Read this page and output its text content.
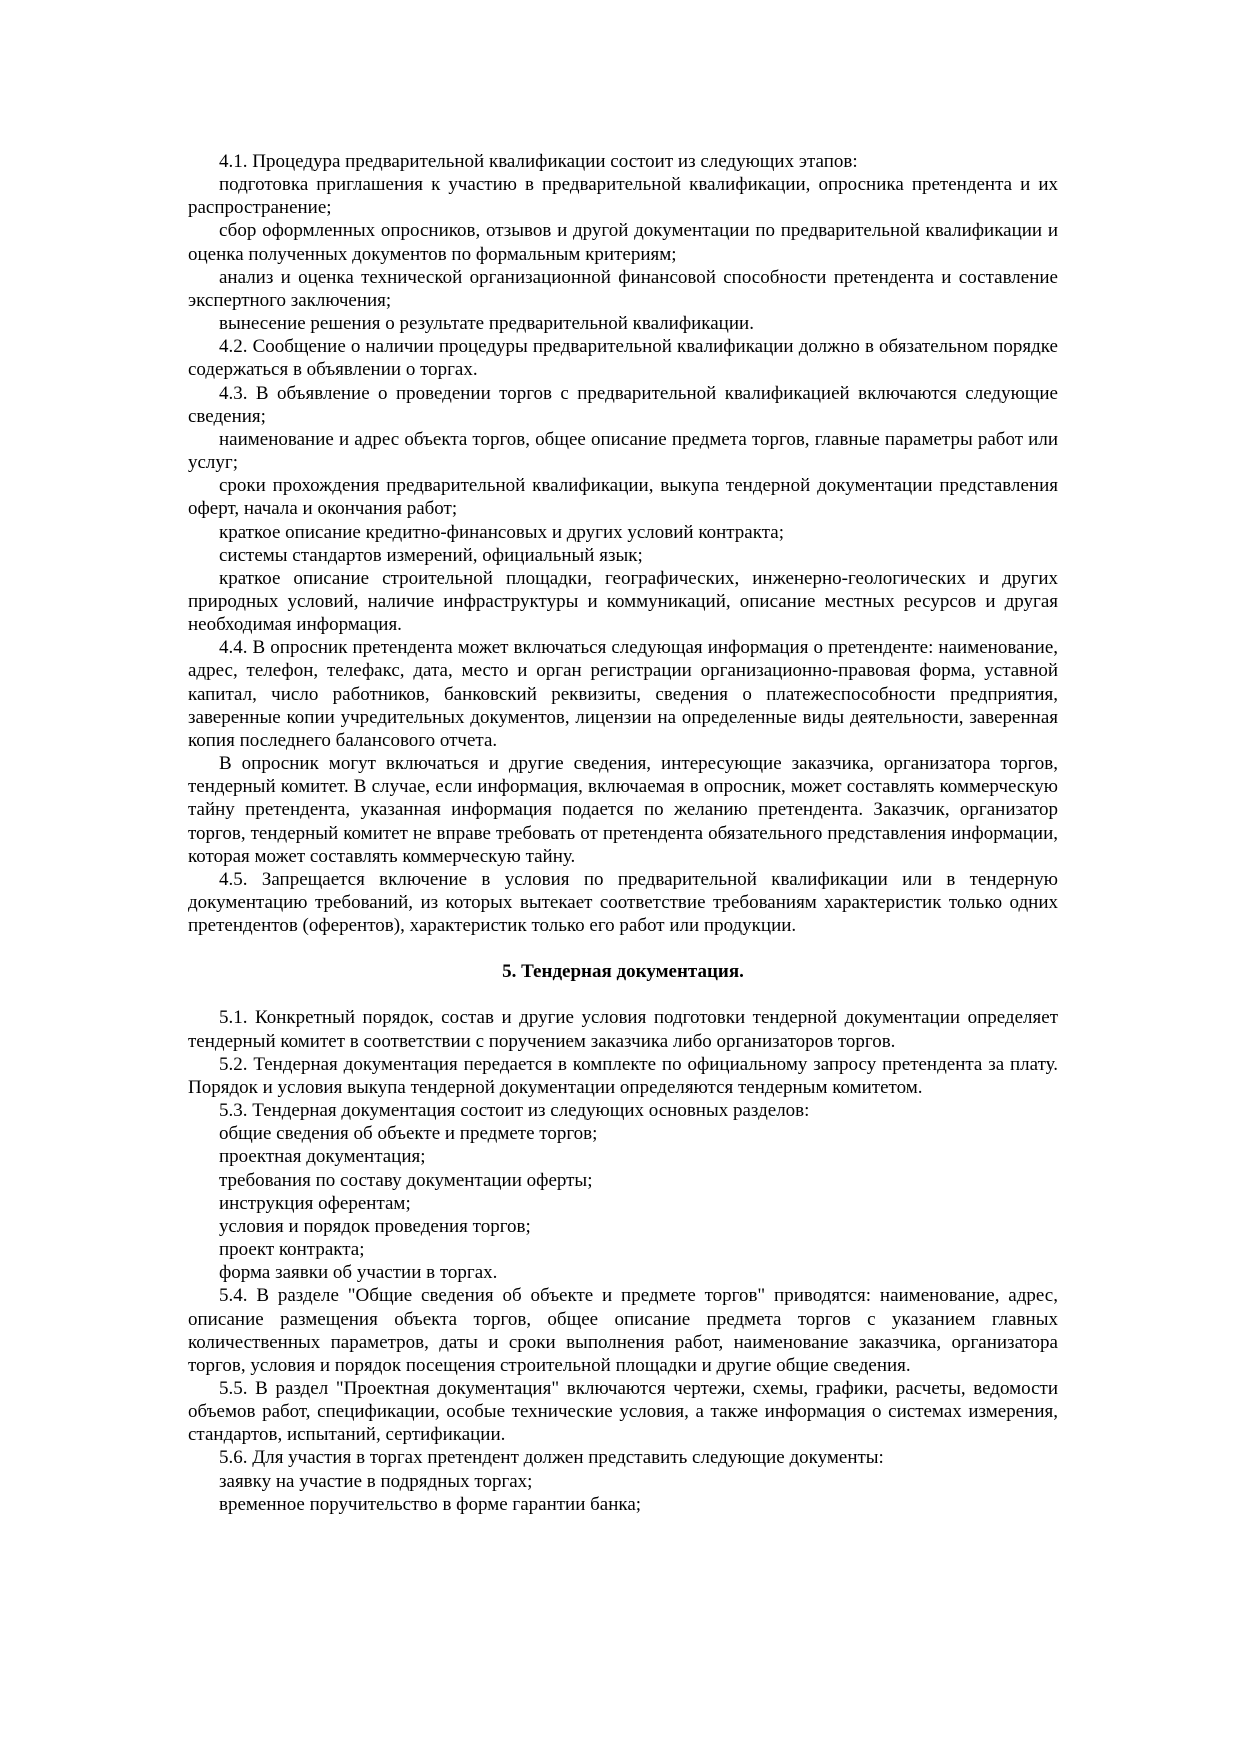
4.1. Процедура предварительной квалификации состоит из следующих этапов:

подготовка приглашения к участию в предварительной квалификации, опросника претендента и их распространение;

сбор оформленных опросников, отзывов и другой документации по предварительной квалификации и оценка полученных документов по формальным критериям;

анализ и оценка технической организационной финансовой способности претендента и составление экспертного заключения;

вынесение решения о результате предварительной квалификации.

4.2. Сообщение о наличии процедуры предварительной квалификации должно в обязательном порядке содержаться в объявлении о торгах.

4.3. В объявление о проведении торгов с предварительной квалификацией включаются следующие сведения;

наименование и адрес объекта торгов, общее описание предмета торгов, главные параметры работ или услуг;

сроки прохождения предварительной квалификации, выкупа тендерной документации представления оферт, начала и окончания работ;

краткое описание кредитно-финансовых и других условий контракта;

системы стандартов измерений, официальный язык;

краткое описание строительной площадки, географических, инженерно-геологических и других природных условий, наличие инфраструктуры и коммуникаций, описание местных ресурсов и другая необходимая информация.

4.4. В опросник претендента может включаться следующая информация о претенденте: наименование, адрес, телефон, телефакс, дата, место и орган регистрации организационно-правовая форма, уставной капитал, число работников, банковский реквизиты, сведения о платежеспособности предприятия, заверенные копии учредительных документов, лицензии на определенные виды деятельности, заверенная копия последнего балансового отчета.

В опросник могут включаться и другие сведения, интересующие заказчика, организатора торгов, тендерный комитет. В случае, если информация, включаемая в опросник, может составлять коммерческую тайну претендента, указанная информация подается по желанию претендента. Заказчик, организатор торгов, тендерный комитет не вправе требовать от претендента обязательного представления информации, которая может составлять коммерческую тайну.

4.5. Запрещается включение в условия по предварительной квалификации или в тендерную документацию требований, из которых вытекает соответствие требованиям характеристик только одних претендентов (оферентов), характеристик только его работ или продукции.

5. Тендерная документация.

5.1. Конкретный порядок, состав и другие условия подготовки тендерной документации определяет тендерный комитет в соответствии с поручением заказчика либо организаторов торгов.

5.2. Тендерная документация передается в комплекте по официальному запросу претендента за плату. Порядок и условия выкупа тендерной документации определяются тендерным комитетом.

5.3. Тендерная документация состоит из следующих основных разделов:

общие сведения об объекте и предмете торгов;

проектная документация;

требования по составу документации оферты;

инструкция оферентам;

условия и порядок проведения торгов;

проект контракта;

форма заявки об участии в торгах.

5.4. В разделе "Общие сведения об объекте и предмете торгов" приводятся: наименование, адрес, описание размещения объекта торгов, общее описание предмета торгов с указанием главных количественных параметров, даты и сроки выполнения работ, наименование заказчика, организатора торгов, условия и порядок посещения строительной площадки и другие общие сведения.

5.5. В раздел "Проектная документация" включаются чертежи, схемы, графики, расчеты, ведомости объемов работ, спецификации, особые технические условия, а также информация о системах измерения, стандартов, испытаний, сертификации.

5.6. Для участия в торгах претендент должен представить следующие документы:

заявку на участие в подрядных торгах;

временное поручительство в форме гарантии банка;
